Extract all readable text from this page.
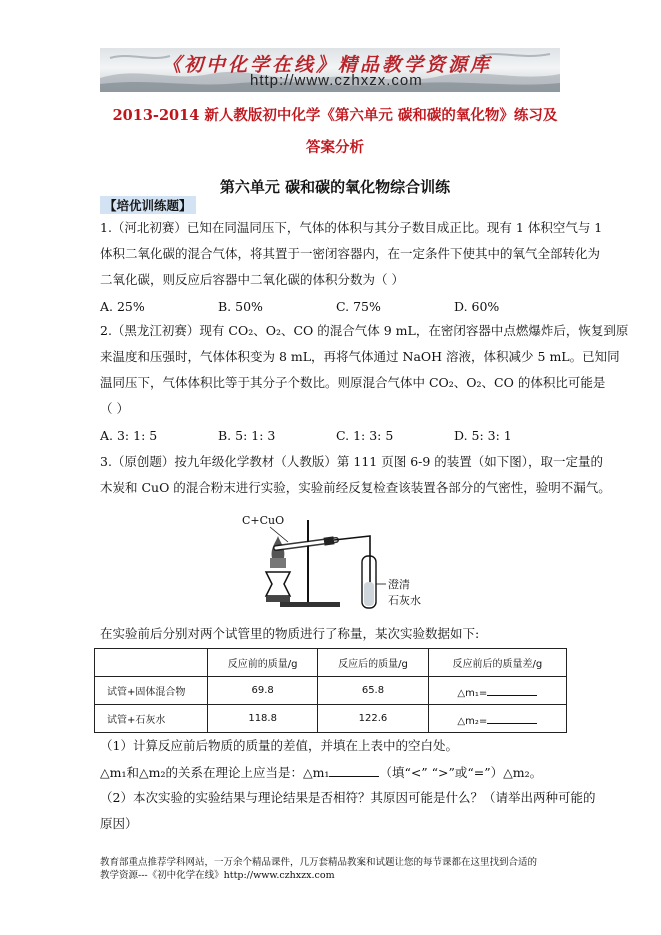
《初中化学在线》精品教学资源库
http://www.czhxzx.com
2013-2014 新人教版初中化学《第六单元 碳和碳的氧化物》练习及
答案分析
第六单元 碳和碳的氧化物综合训练
【培优训练题】
1.（河北初赛）已知在同温同压下，气体的体积与其分子数目成正比。现有 1 体积空气与 1
体积二氧化碳的混合气体，将其置于一密闭容器内，在一定条件下使其中的氧气全部转化为
二氧化碳，则反应后容器中二氧化碳的体积分数为（ ）
A. 25%	B. 50%	C. 75%	D. 60%
2.（黑龙江初赛）现有 CO₂、O₂、CO 的混合气体 9 mL，在密闭容器中点燃爆炸后，恢复到原
来温度和压强时，气体体积变为 8 mL，再将气体通过 NaOH 溶液，体积减少 5 mL。已知同
温同压下，气体体积比等于其分子个数比。则原混合气体中 CO₂、O₂、CO 的体积比可能是
（ ）
A. 3: 1: 5	B. 5: 1: 3	C. 1: 3: 5	D. 5: 3: 1
3.（原创题）按九年级化学教材（人教版）第 111 页图 6-9 的装置（如下图），取一定量的
木炭和 CuO 的混合粉末进行实验，实验前经反复检查该装置各部分的气密性，验明不漏气。
C+CuO
澄清
石灰水
在实验前后分别对两个试管里的物质进行了称量，某次实验数据如下:
	反应前的质量/g	反应后的质量/g	反应前后的质量差/g
试管+固体混合物	69.8	65.8	△m₁=
试管+石灰水	118.8	122.6	△m₂=
（1）计算反应前后物质的质量的差值，并填在上表中的空白处。
△m₁和△m₂的关系在理论上应当是：△m₁	（填“<” “>”或“=”）△m₂。
（2）本次实验的实验结果与理论结果是否相符？其原因可能是什么？（请举出两种可能的
原因）
教育部重点推荐学科网站，一万余个精品课件，几万套精品教案和试题让您的每节课都在这里找到合适的
教学资源---《初中化学在线》http://www.czhxzx.com
